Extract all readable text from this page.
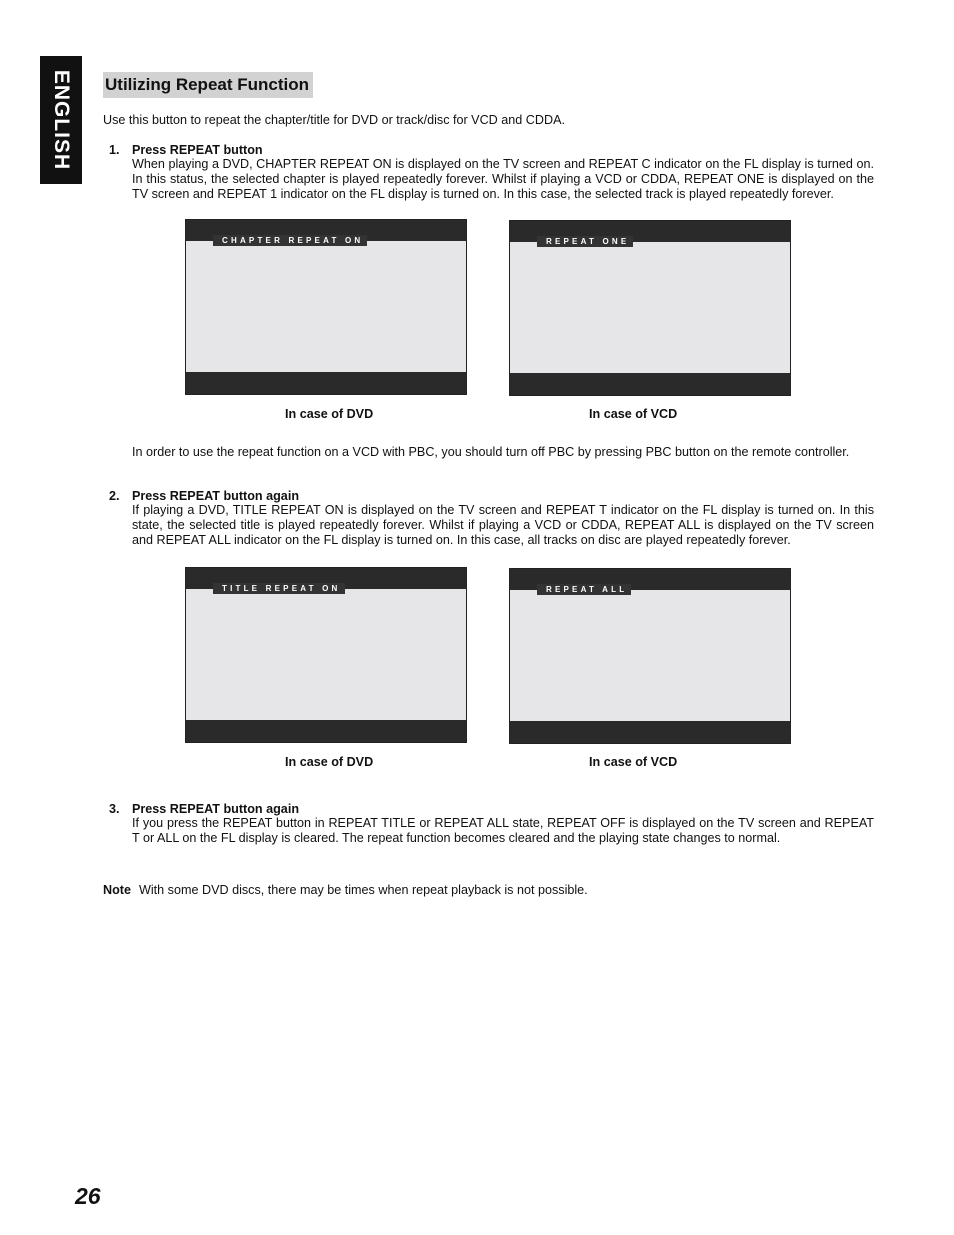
ENGLISH Utilizing Repeat Function
Use this button to repeat the chapter/title for DVD or track/disc for VCD and CDDA.
1. Press REPEAT button
When playing a DVD, CHAPTER REPEAT ON is displayed on the TV screen and REPEAT C indicator on the FL display is turned on. In this status, the selected chapter is played repeatedly forever. Whilst if playing a VCD or CDDA, REPEAT ONE is displayed on the TV screen and REPEAT 1 indicator on the FL display is turned on. In this case, the selected track is played repeatedly forever.
CHAPTER REPEAT ON	REPEAT ONE
In case of DVD	In case of VCD
In order to use the repeat function on a VCD with PBC, you should turn off PBC by pressing PBC button on the remote controller.
2. Press REPEAT button again
If playing a DVD, TITLE REPEAT ON is displayed on the TV screen and REPEAT T indicator on the FL display is turned on. In this state, the selected title is played repeatedly forever. Whilst if playing a VCD or CDDA, REPEAT ALL is displayed on the TV screen and REPEAT ALL indicator on the FL display is turned on. In this case, all tracks on disc are played repeatedly forever.
TITLE REPEAT ON	REPEAT ALL
In case of DVD	In case of VCD
3. Press REPEAT button again
If you press the REPEAT button in REPEAT TITLE or REPEAT ALL state, REPEAT OFF is displayed on the TV screen and REPEAT T or ALL on the FL display is cleared. The repeat function becomes cleared and the playing state changes to normal.
Note With some DVD discs, there may be times when repeat playback is not possible.
26
